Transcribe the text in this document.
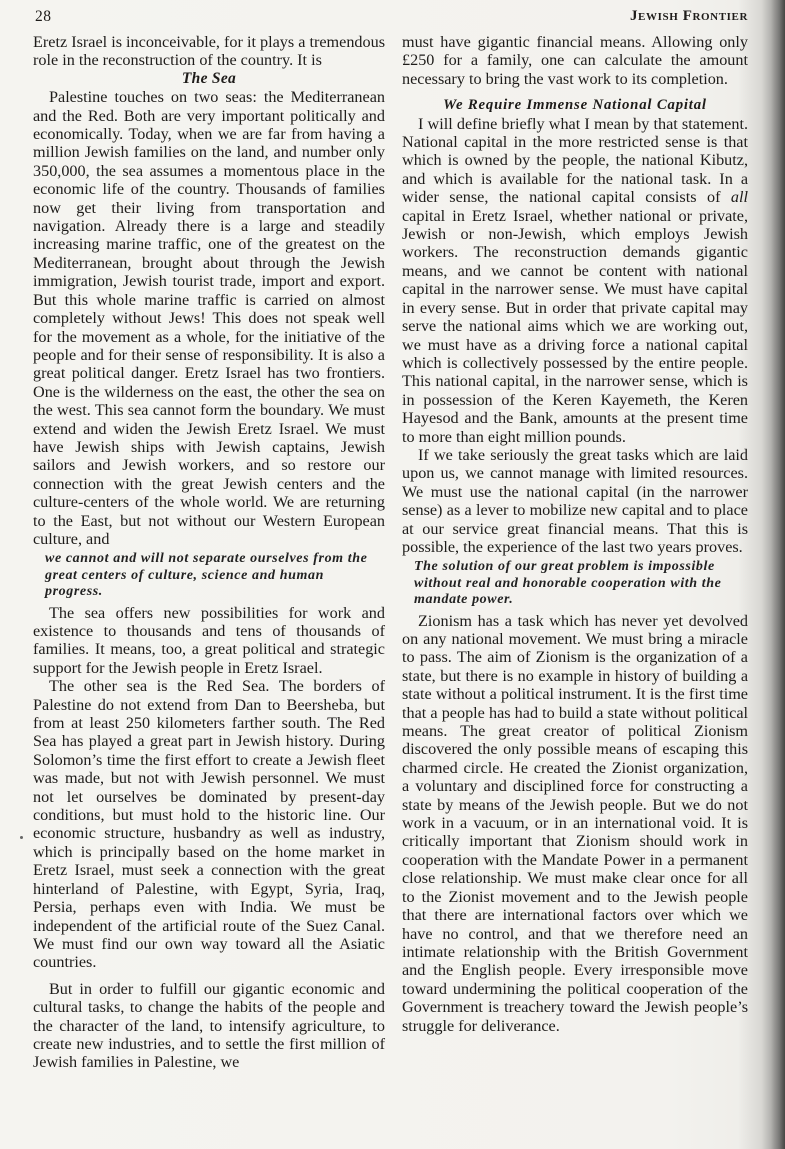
28	Jewish Frontier

Eretz Israel is inconceivable, for it plays a tremendous role in the reconstruction of the country. It is

The Sea

Palestine touches on two seas: the Mediterranean and the Red. Both are very important politically and economically. Today, when we are far from having a million Jewish families on the land, and number only 350,000, the sea assumes a momentous place in the economic life of the country. Thousands of families now get their living from transportation and navigation. Already there is a large and steadily increasing marine traffic, one of the greatest on the Mediterranean, brought about through the Jewish immigration, Jewish tourist trade, import and export. But this whole marine traffic is carried on almost completely without Jews! This does not speak well for the movement as a whole, for the initiative of the people and for their sense of responsibility. It is also a great political danger. Eretz Israel has two frontiers. One is the wilderness on the east, the other the sea on the west. This sea cannot form the boundary. We must extend and widen the Jewish Eretz Israel. We must have Jewish ships with Jewish captains, Jewish sailors and Jewish workers, and so restore our connection with the great Jewish centers and the culture-centers of the whole world. We are returning to the East, but not without our Western European culture, and

we cannot and will not separate ourselves from the great centers of culture, science and human progress.

The sea offers new possibilities for work and existence to thousands and tens of thousands of families. It means, too, a great political and strategic support for the Jewish people in Eretz Israel.

The other sea is the Red Sea. The borders of Palestine do not extend from Dan to Beersheba, but from at least 250 kilometers farther south. The Red Sea has played a great part in Jewish history. During Solomon’s time the first effort to create a Jewish fleet was made, but not with Jewish personnel. We must not let ourselves be dominated by present-day conditions, but must hold to the historic line. Our economic structure, husbandry as well as industry, which is principally based on the home market in Eretz Israel, must seek a connection with the great hinterland of Palestine, with Egypt, Syria, Iraq, Persia, perhaps even with India. We must be independent of the artificial route of the Suez Canal. We must find our own way toward all the Asiatic countries.

But in order to fulfill our gigantic economic and cultural tasks, to change the habits of the people and the character of the land, to intensify agriculture, to create new industries, and to settle the first million of Jewish families in Palestine, we

must have gigantic financial means. Allowing only £250 for a family, one can calculate the amount necessary to bring the vast work to its completion.

We Require Immense National Capital

I will define briefly what I mean by that statement. National capital in the more restricted sense is that which is owned by the people, the national Kibutz, and which is available for the national task. In a wider sense, the national capital consists of all capital in Eretz Israel, whether national or private, Jewish or non-Jewish, which employs Jewish workers. The reconstruction demands gigantic means, and we cannot be content with national capital in the narrower sense. We must have capital in every sense. But in order that private capital may serve the national aims which we are working out, we must have as a driving force a national capital which is collectively possessed by the entire people. This national capital, in the narrower sense, which is in possession of the Keren Kayemeth, the Keren Hayesod and the Bank, amounts at the present time to more than eight million pounds.

If we take seriously the great tasks which are laid upon us, we cannot manage with limited resources. We must use the national capital (in the narrower sense) as a lever to mobilize new capital and to place at our service great financial means. That this is possible, the experience of the last two years proves.

The solution of our great problem is impossible without real and honorable cooperation with the mandate power.

Zionism has a task which has never yet devolved on any national movement. We must bring a miracle to pass. The aim of Zionism is the organization of a state, but there is no example in history of building a state without a political instrument. It is the first time that a people has had to build a state without political means. The great creator of political Zionism discovered the only possible means of escaping this charmed circle. He created the Zionist organization, a voluntary and disciplined force for constructing a state by means of the Jewish people. But we do not work in a vacuum, or in an international void. It is critically important that Zionism should work in cooperation with the Mandate Power in a permanent close relationship. We must make clear once for all to the Zionist movement and to the Jewish people that there are international factors over which we have no control, and that we therefore need an intimate relationship with the British Government and the English people. Every irresponsible move toward undermining the political cooperation of the Government is treachery toward the Jewish people’s struggle for deliverance.
